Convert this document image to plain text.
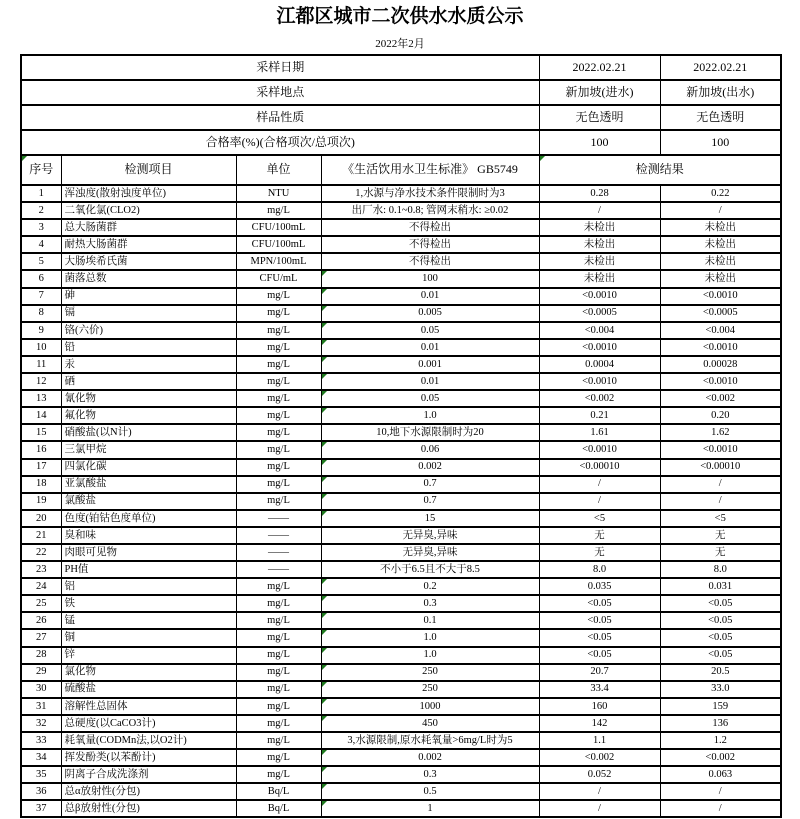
江都区城市二次供水水质公示
2022年2月
采样日期				2022.02.21	2022.02.21
采样地点				新加坡(进水)	新加坡(出水)
样品性质				无色透明	无色透明
合格率(%)(合格项次/总项次)				100	100

序号	检测项目	单位	《生活饮用水卫生标准》 GB5749	检测结果	
1	浑浊度(散射浊度单位)	NTU	1,水源与净水技术条件限制时为3	0.28	0.22
2	二氧化氯(CLO2)	mg/L	出厂水: 0.1~0.8; 管网末稍水: ≥0.02	/	/
3	总大肠菌群	CFU/100mL	不得检出	未检出	未检出
4	耐热大肠菌群	CFU/100mL	不得检出	未检出	未检出
5	大肠埃希氏菌	MPN/100mL	不得检出	未检出	未检出
6	菌落总数	CFU/mL	100	未检出	未检出
7	砷	mg/L	0.01	<0.0010	<0.0010
8	镉	mg/L	0.005	<0.0005	<0.0005
9	铬(六价)	mg/L	0.05	<0.004	<0.004
10	铅	mg/L	0.01	<0.0010	<0.0010
11	汞	mg/L	0.001	0.0004	0.00028
12	硒	mg/L	0.01	<0.0010	<0.0010
13	氰化物	mg/L	0.05	<0.002	<0.002
14	氟化物	mg/L	1.0	0.21	0.20
15	硝酸盐(以N计)	mg/L	10,地下水源限制时为20	1.61	1.62
16	三氯甲烷	mg/L	0.06	<0.0010	<0.0010
17	四氯化碳	mg/L	0.002	<0.00010	<0.00010
18	亚氯酸盐	mg/L	0.7	/	/
19	氯酸盐	mg/L	0.7	/	/
20	色度(铂钴色度单位)	——	15	<5	<5
21	臭和味	——	无异臭,异味	无	无
22	肉眼可见物	——	无异臭,异味	无	无
23	PH值	——	不小于6.5且不大于8.5	8.0	8.0
24	铝	mg/L	0.2	0.035	0.031
25	铁	mg/L	0.3	<0.05	<0.05
26	锰	mg/L	0.1	<0.05	<0.05
27	铜	mg/L	1.0	<0.05	<0.05
28	锌	mg/L	1.0	<0.05	<0.05
29	氯化物	mg/L	250	20.7	20.5
30	硫酸盐	mg/L	250	33.4	33.0
31	溶解性总固体	mg/L	1000	160	159
32	总硬度(以CaCO3计)	mg/L	450	142	136
33	耗氧量(CODMn法,以O2计)	mg/L	3,水源限制,原水耗氧量>6mg/L时为5	1.1	1.2
34	挥发酚类(以苯酚计)	mg/L	0.002	<0.002	<0.002
35	阴离子合成洗涤剂	mg/L	0.3	0.052	0.063
36	总α放射性(分包)	Bq/L	0.5	/	/
37	总β放射性(分包)	Bq/L	1	/	/
